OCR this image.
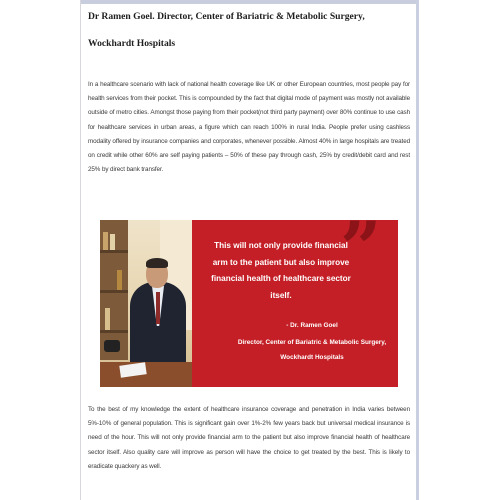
Dr Ramen Goel. Director, Center of Bariatric & Metabolic Surgery,
Wockhardt Hospitals
In a healthcare scenario with lack of national health coverage like UK or other European countries, most people pay for health services from their pocket. This is compounded by the fact that digital mode of payment was mostly not available outside of metro cities. Amongst those paying from their pocket(not third party payment) over 80% continue to use cash for healthcare services in urban areas, a figure which can reach 100% in rural India. People prefer using cashless modality offered by insurance companies and corporates, whenever possible. Almost 40% in large hospitals are treated on credit while other 60% are self paying patients – 50% of these pay through cash, 25% by credit/debit card and rest 25% by direct bank transfer.
This will not only provide financial arm to the patient but also improve financial health of healthcare sector itself.
”
- Dr. Ramen Goel
Director, Center of Bariatric & Metabolic Surgery,
Wockhardt Hospitals
To the best of my knowledge the extent of healthcare insurance coverage and penetration in India varies between 5%-10% of general population. This is significant gain over 1%-2% few years back but universal medical insurance is need of the hour. This will not only provide financial arm to the patient but also improve financial health of healthcare sector itself. Also quality care will improve as person will have the choice to get treated by the best. This is likely to eradicate quackery as well.
